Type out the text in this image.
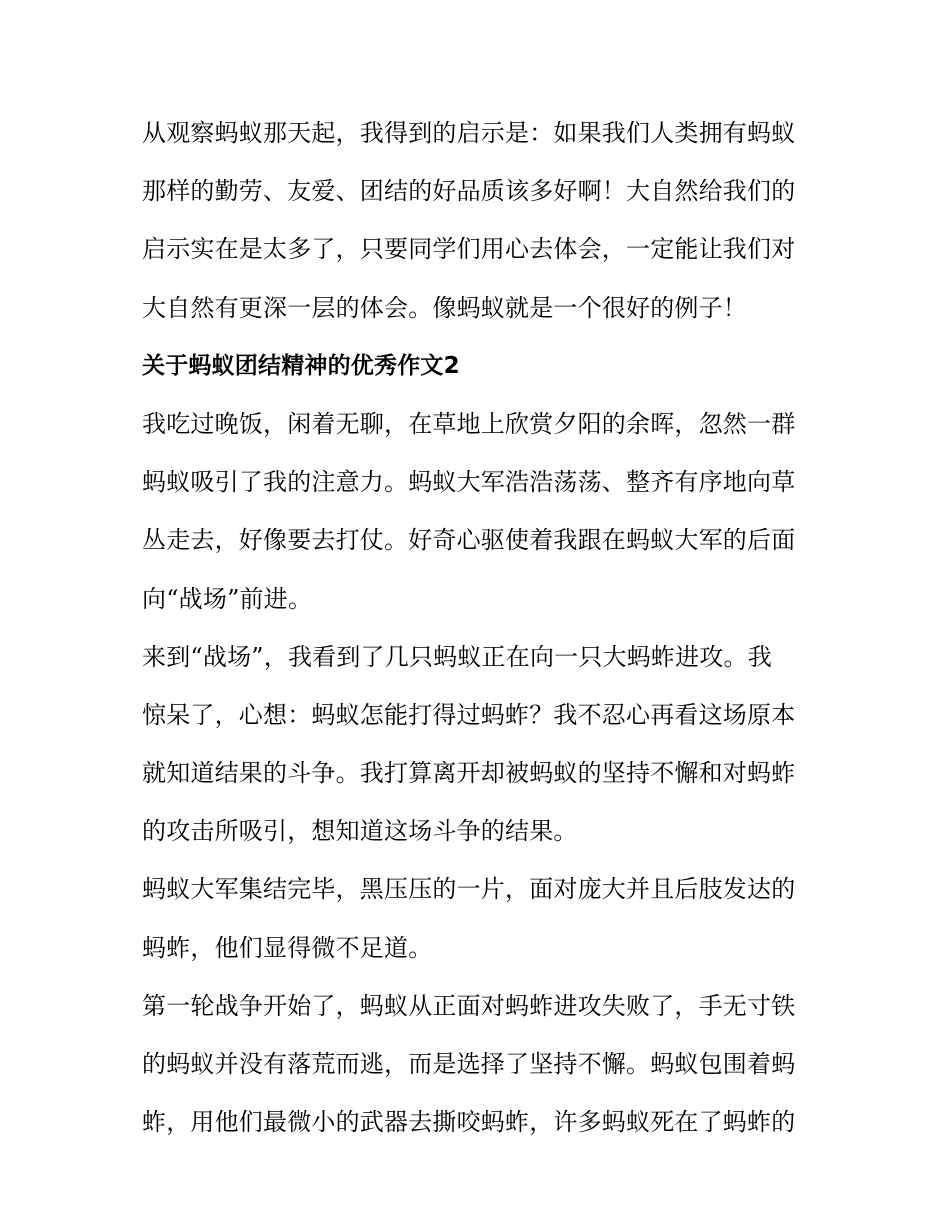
从观察蚂蚁那天起，我得到的启示是：如果我们人类拥有蚂蚁
那样的勤劳、友爱、团结的好品质该多好啊！大自然给我们的
启示实在是太多了，只要同学们用心去体会，一定能让我们对
大自然有更深一层的体会。像蚂蚁就是一个很好的例子！
关于蚂蚁团结精神的优秀作文2
我吃过晚饭，闲着无聊，在草地上欣赏夕阳的余晖，忽然一群
蚂蚁吸引了我的注意力。蚂蚁大军浩浩荡荡、整齐有序地向草
丛走去，好像要去打仗。好奇心驱使着我跟在蚂蚁大军的后面
向“战场”前进。
来到“战场”，我看到了几只蚂蚁正在向一只大蚂蚱进攻。我
惊呆了，心想：蚂蚁怎能打得过蚂蚱？我不忍心再看这场原本
就知道结果的斗争。我打算离开却被蚂蚁的坚持不懈和对蚂蚱
的攻击所吸引，想知道这场斗争的结果。
蚂蚁大军集结完毕，黑压压的一片，面对庞大并且后肢发达的
蚂蚱，他们显得微不足道。
第一轮战争开始了，蚂蚁从正面对蚂蚱进攻失败了，手无寸铁
的蚂蚁并没有落荒而逃，而是选择了坚持不懈。蚂蚁包围着蚂
蚱，用他们最微小的武器去撕咬蚂蚱，许多蚂蚁死在了蚂蚱的
